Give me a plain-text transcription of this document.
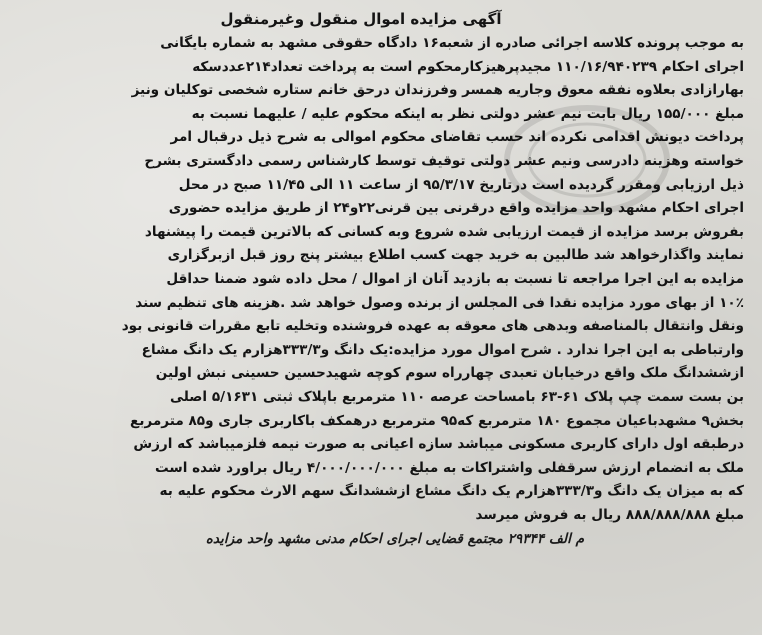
آگهی مزایده اموال منقول وغیرمنقول
به موجب پرونده کلاسه اجرائی صادره از شعبه۱۶ دادگاه حقوقی مشهد به شماره بایگانی
اجرای احکام ۱۱۰/۱۶/۹۴۰۲۳۹ مجیدپرهیزکارمحکوم است به پرداخت تعداد۲۱۴عددسکه
بهارازادی بعلاوه نفقه معوق وجاریه همسر وفرزندان درحق خانم ستاره شخصی توکلیان ونیز
مبلغ ۱۵۵/۰۰۰ ریال بابت نیم عشر دولتی نظر به اینکه محکوم علیه / علیهما نسبت به
پرداخت دیونش اقدامی نکرده اند حسب تقاضای محکوم اموالی به شرح ذیل درقبال امر
خواسته وهزینه دادرسی ونیم عشر دولتی توقیف توسط کارشناس رسمی دادگستری بشرح
ذیل ارزیابی ومقرر گردیده است درتاریخ ۹۵/۳/۱۷ از ساعت ۱۱ الی ۱۱/۴۵ صبح در محل
اجرای احکام مشهد واحد مزایده واقع درقرنی بین قرنی۲۲و۲۴ از طریق مزایده حضوری
بفروش برسد مزایده از قیمت ارزیابی شده شروع وبه کسانی که بالاترین قیمت را پیشنهاد
نمایند واگذارخواهد شد طالبین به خرید جهت کسب اطلاع بیشتر پنج روز قبل ازبرگزاری
مزایده به این اجرا مراجعه تا نسبت به بازدید آنان از اموال / محل داده شود ضمنا حداقل
۱۰٪ از بهای مورد مزایده نقدا فی المجلس از برنده وصول خواهد شد .هزینه های تنظیم سند
ونقل وانتقال بالمناصفه وبدهی های معوقه به عهده فروشنده وتخلیه تابع مقررات قانونی بود
وارتباطی به این اجرا ندارد . شرح اموال مورد مزایده:یک دانگ و۳۳۳/۳هزارم یک دانگ مشاع
ازششدانگ ملک واقع درخیابان تعبدی چهارراه سوم کوچه شهیدحسین حسینی نبش اولین
بن بست سمت چپ پلاک ۶۱-۶۳ بامساحت عرصه ۱۱۰ مترمربع باپلاک ثبتی ۵/۱۶۳۱ اصلی
بخش۹ مشهدباعیان مجموع ۱۸۰ مترمربع که۹۵ مترمربع درهمکف باکاربری جاری و۸۵ مترمربع
درطبقه اول دارای کاربری مسکونی میباشد سازه اعیانی به صورت نیمه فلزمیباشد که ارزش
ملک به انضمام ارزش سرقفلی واشتراکات به مبلغ ۴/۰۰۰/۰۰۰/۰۰۰ ریال براورد شده است
که به میزان یک دانگ و۳۳۳/۳هزارم یک دانگ مشاع ازششدانگ سهم الارث محکوم علیه به
مبلغ ۸۸۸/۸۸۸/۸۸۸ ریال به فروش میرسد
م الف ۲۹۳۴۴ مجتمع قضایی اجرای احکام مدنی مشهد واحد مزایده
